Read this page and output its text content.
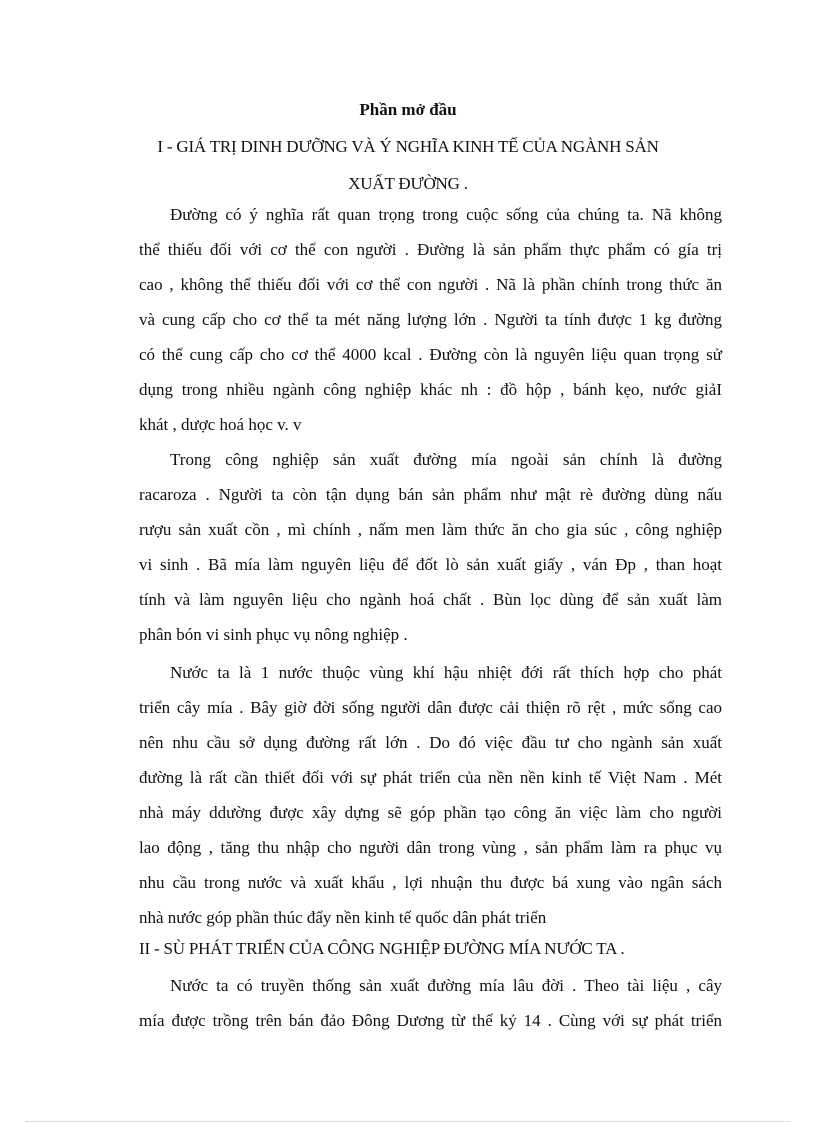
Phần mở đầu
I - GIÁ TRỊ DINH DƯỠNG VÀ Ý NGHĨA KINH TẾ CỦA NGÀNH SẢN
XUẤT ĐƯỜNG .

Đường có ý nghĩa rất quan trọng trong cuộc sống của chúng ta. Nã không

thể thiếu đối với cơ thể con người . Đường là sản phẩm thực phẩm có gía trị

cao , không thể thiếu đối với cơ thể con người . Nã là phần chính trong thức ăn

và cung cấp cho cơ thể ta mét năng lượng lớn . Người ta tính được 1 kg đường

có thể cung cấp cho cơ thể 4000 kcal . Đường còn là nguyên liệu quan trọng sử

dụng trong nhiều ngành công nghiệp khác nh : đồ hộp , bánh kẹo, nước giảI

khát , dược hoá học v. v

Trong công nghiệp sản xuất đường mía ngoài sản chính là đường

racaroza . Người ta còn tận dụng bán sản phẩm như mật rè đường dùng nấu

rượu sản xuất cồn , mì chính , nấm men làm thức ăn cho gia súc , công nghiệp

vi sinh . Bã mía làm nguyên liệu để đốt lò sản xuất giấy , ván Đp , than hoạt

tính và làm nguyên liệu cho ngành hoá chất . Bùn lọc dùng để sản xuất làm

phân bón vi sinh phục vụ nông nghiệp .

Nước ta là 1 nước thuộc vùng khí hậu nhiệt đới rất thích hợp cho phát

triển cây mía . Bây giờ đời sống người dân được cải thiện rõ rệt , mức sống cao

nên nhu cầu sở dụng đường rất lớn . Do đó việc đầu tư cho ngành sản xuất

đường là rất cần thiết đối với sự phát triển của nền nền kinh tế Việt Nam . Mét

nhà máy ddường được xây dựng sẽ góp phần tạo công ăn việc làm cho người

lao động , tăng thu nhập cho người dân trong vùng , sản phẩm làm ra phục vụ

nhu cầu trong nước và xuất khẩu , lợi nhuận thu được bá xung vào ngân sách

nhà nước góp phần thúc đẩy nền kinh tế quốc dân phát triển

II - SÙ PHÁT TRIỂN CỦA CÔNG NGHIỆP ĐƯỜNG MÍA NƯỚC TA .

Nước ta có truyền thống sản xuất đường mía lâu đời . Theo tài liệu , cây

mía được trồng trên bán đảo Đông Dương từ thế kỷ 14 . Cùng với sự phát triển
